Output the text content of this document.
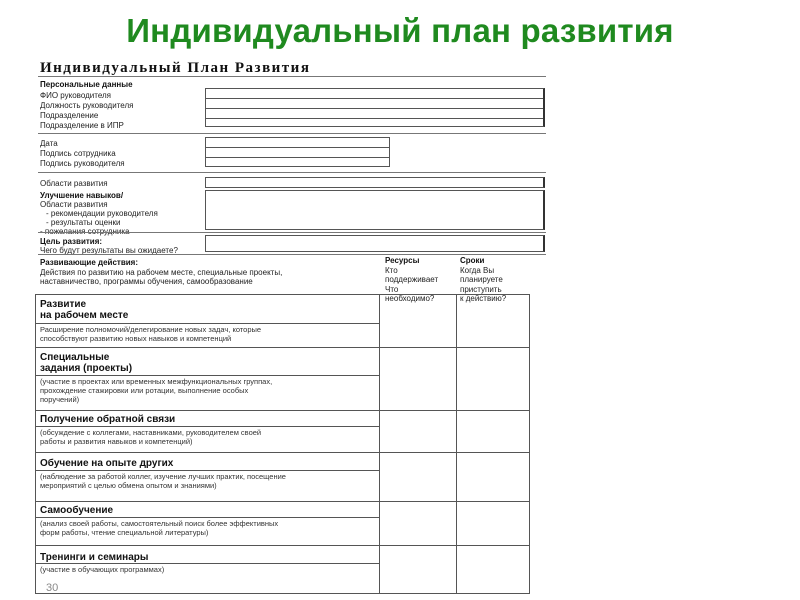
Индивидуальный план развития
Индивидуальный План Развития
Персональные данные
ФИО руководителя
Должность руководителя
Подразделение
Подразделение в ИПР
Дата
Подпись сотрудника
Подпись руководителя
Области развития
Улучшение навыков/
Области развития
- рекомендации руководителя
- результаты оценки
- пожелания сотрудника
Цель развития:
Чего будут результаты вы ожидаете?
Развивающие действия:
Действия по развитию на рабочем месте, специальные проекты,
наставничество, программы обучения, самообразование
Ресурсы
Кто
поддерживает
Что
необходимо?
Сроки
Когда Вы
планируете
приступить
к действию?
Развитие
на рабочем месте
Расширение полномочий/делегирование новых задач, которые
способствуют развитию новых навыков и компетенций
Специальные
задания (проекты)
(участие в проектах или временных межфункциональных группах,
прохождение стажировки или ротации, выполнение особых
поручений)
Получение обратной связи
(обсуждение с коллегами, наставниками, руководителем своей
работы и развития навыков и компетенций)
Обучение на опыте других
(наблюдение за работой коллег, изучение лучших практик, посещение
мероприятий с целью обмена опытом и знаниями)
Самообучение
(анализ своей работы, самостоятельный поиск более эффективных
форм работы, чтение специальной литературы)
Тренинги и семинары
(участие в обучающих программах)
30
